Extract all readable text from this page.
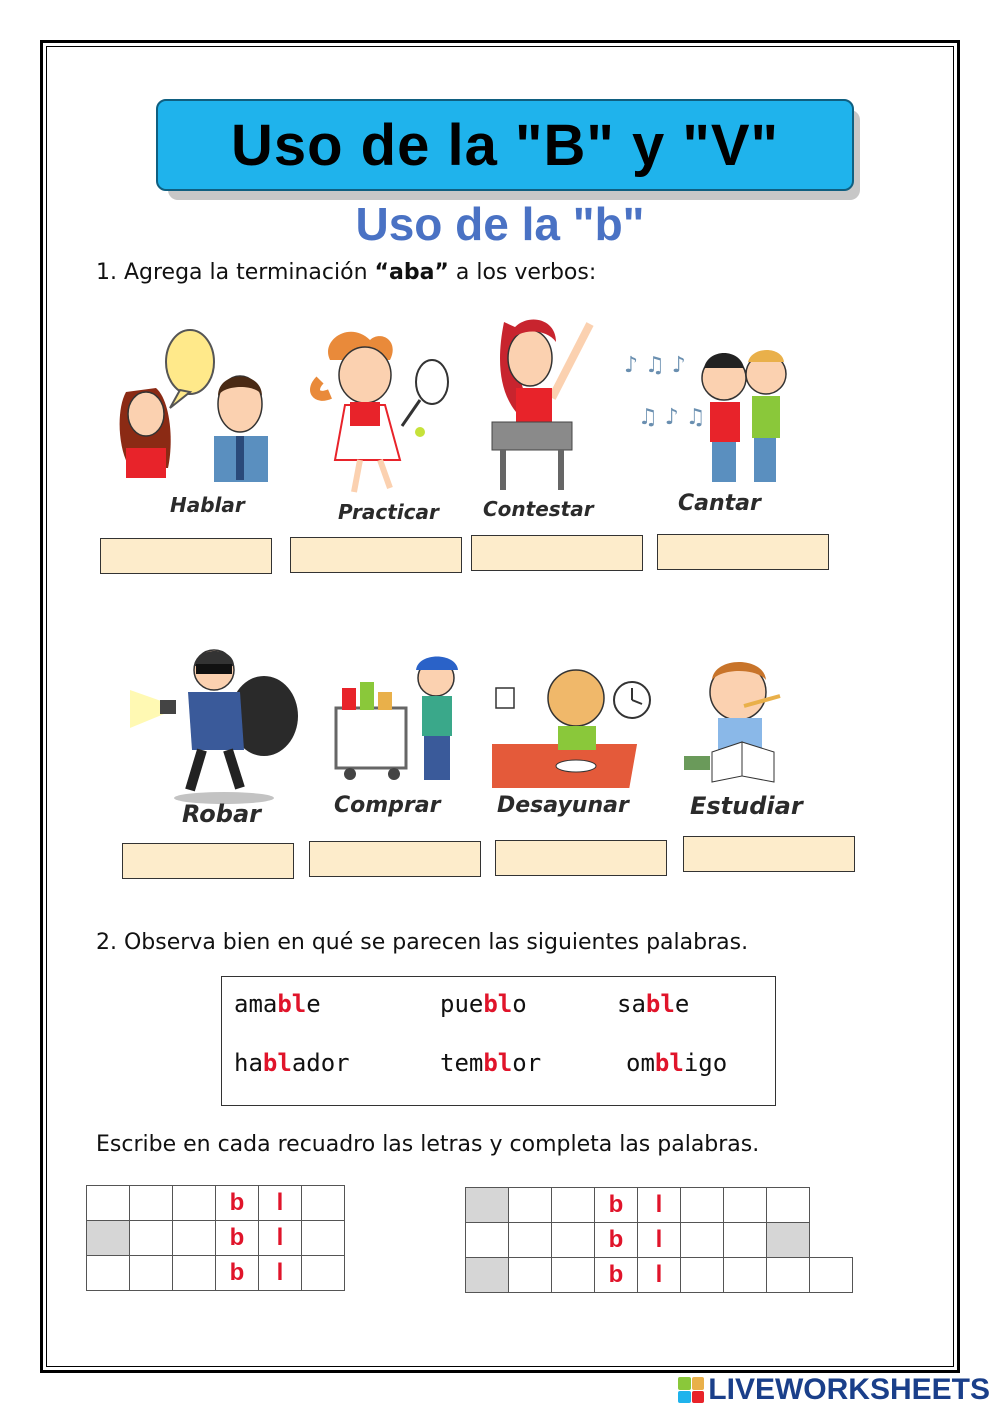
Uso de la "B" y "V"
Uso de la "b"
1. Agrega la terminación “aba” a los verbos:
Hablar	Practicar Contestar
♪ ♫ ♪
♫ ♪ ♫
Cantar
Robar	Comprar	Desayunar	Estudiar
2. Observa bien en qué se parecen las siguientes palabras.
amable	pueblo	sable
hablador	temblor	ombligo
Escribe en cada recuadro las letras y completa las palabras.
			b	l	
			b	l	
			b	l	
			b	l				
			b	l				
			b	l				
LIVEWORKSHEETS
